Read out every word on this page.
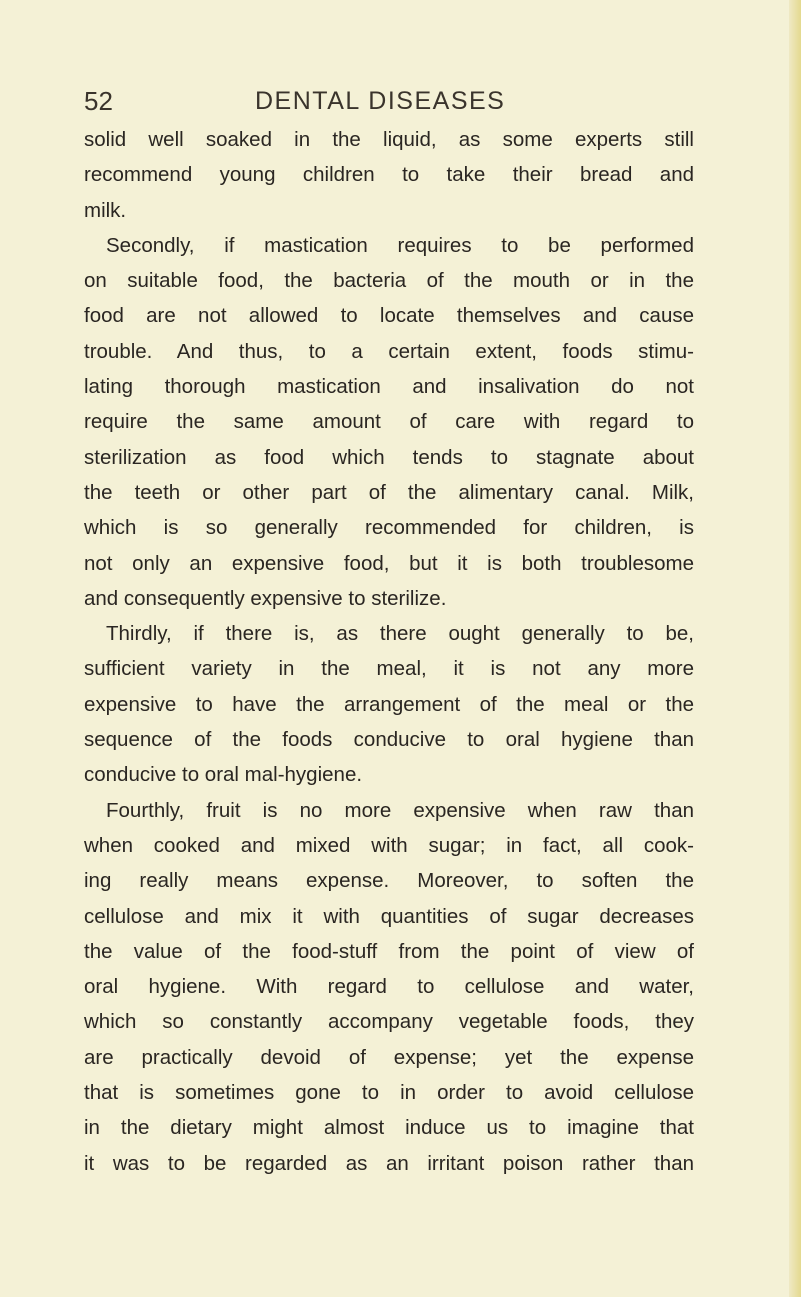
52	DENTAL DISEASES
solid well soaked in the liquid, as some experts still
recommend young children to take their bread and
milk.
Secondly, if mastication requires to be performed
on suitable food, the bacteria of the mouth or in the
food are not allowed to locate themselves and cause
trouble. And thus, to a certain extent, foods stimu-
lating thorough mastication and insalivation do not
require the same amount of care with regard to
sterilization as food which tends to stagnate about
the teeth or other part of the alimentary canal. Milk,
which is so generally recommended for children, is
not only an expensive food, but it is both troublesome
and consequently expensive to sterilize.
Thirdly, if there is, as there ought generally to be,
sufficient variety in the meal, it is not any more
expensive to have the arrangement of the meal or the
sequence of the foods conducive to oral hygiene than
conducive to oral mal-hygiene.
Fourthly, fruit is no more expensive when raw than
when cooked and mixed with sugar; in fact, all cook-
ing really means expense. Moreover, to soften the
cellulose and mix it with quantities of sugar decreases
the value of the food-stuff from the point of view of
oral hygiene. With regard to cellulose and water,
which so constantly accompany vegetable foods, they
are practically devoid of expense; yet the expense
that is sometimes gone to in order to avoid cellulose
in the dietary might almost induce us to imagine that
it was to be regarded as an irritant poison rather than
